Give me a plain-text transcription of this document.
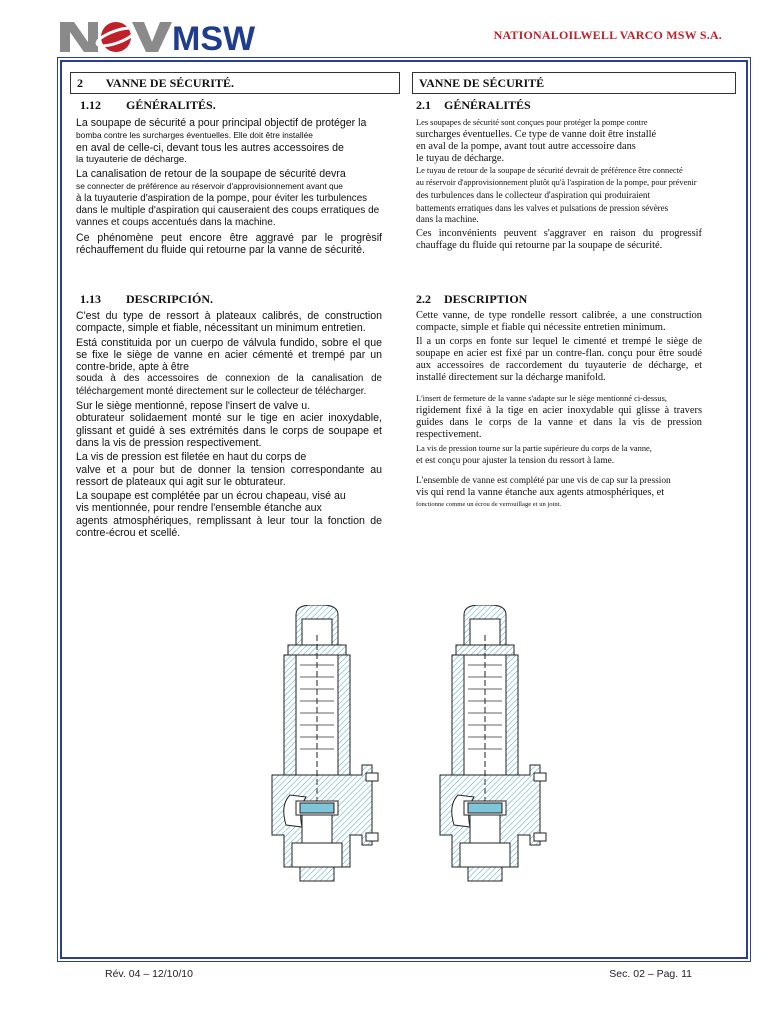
MSW	NATIONALOILWELL VARCO MSW S.A.
2 VANNE DE SÉCURITÉ.	VANNE DE SÉCURITÉ
1.12 GÉNÉRALITÉS.

La soupape de sécurité a pour principal objectif de protéger la

bomba contre les surcharges éventuelles. Elle doit être installée

en aval de celle-ci, devant tous les autres accessoires de

la tuyauterie de décharge.

La canalisation de retour de la soupape de sécurité devra

se connecter de préférence au réservoir d'approvisionnement avant que

à la tuyauterie d'aspiration de la pompe, pour éviter les turbulences

dans le multiple d'aspiration qui causeraient des coups erratiques de

vannes et coups accentués dans la machine.

Ce phénomène peut encore être aggravé par le progrèsif réchauffement du fluide qui retourne par la vanne de sécurité.

1.13 DESCRIPCIÓN.

C'est du type de ressort à plateaux calibrés, de construction compacte, simple et fiable, nécessitant un minimum entretien.

Está constituida por un cuerpo de válvula fundido, sobre el que se fixe le siège de vanne en acier cémenté et trempé par un contre-bride, apte à être

souda à des accessoires de connexion de la canalisation de téléchargement monté directement sur le collecteur de télécharger.

Sur le siège mentionné, repose l'insert de valve u.

obturateur solidaement monté sur le tige en acier inoxydable, glissant et guidé à ses extrémités dans le corps de soupape et dans la vis de pression respectivement.

La vis de pression est filetée en haut du corps de

valve et a pour but de donner la tension correspondante au ressort de plateaux qui agit sur le obturateur.

La soupape est complétée par un écrou chapeau, visé au

vis mentionnée, pour rendre l'ensemble étanche aux

agents atmosphériques, remplissant à leur tour la fonction de contre-écrou et scellé.

2.1 GÉNÉRALITÉS

Les soupapes de sécurité sont conçues pour protéger la pompe contre

surcharges éventuelles. Ce type de vanne doit être installé

en aval de la pompe, avant tout autre accessoire dans

le tuyau de décharge.

Le tuyau de retour de la soupape de sécurité devrait de préférence être connecté

au réservoir d'approvisionnement plutôt qu'à l'aspiration de la pompe, pour prévenir

des turbulences dans le collecteur d'aspiration qui produiraient

battements erratiques dans les valves et pulsations de pression sévères

dans la machine.

Ces inconvénients peuvent s'aggraver en raison du progressif chauffage du fluide qui retourne par la soupape de sécurité.

2.2 DESCRIPTION

Cette vanne, de type rondelle ressort calibrée, a une construction compacte, simple et fiable qui nécessite entretien minimum.

Il a un corps en fonte sur lequel le cimenté et trempé le siège de soupape en acier est fixé par un contre-flan. conçu pour être soudé aux accessoires de raccordement du tuyauterie de décharge, et installé directement sur la décharge manifold.

L'insert de fermeture de la vanne s'adapte sur le siège mentionné ci-dessus,

rigidement fixé à la tige en acier inoxydable qui glisse à travers guides dans le corps de la vanne et dans la vis de pression respectivement.

La vis de pression tourne sur la partie supérieure du corps de la vanne,

et est conçu pour ajuster la tension du ressort à lame.

L'ensemble de vanne est complété par une vis de cap sur la pression

vis qui rend la vanne étanche aux agents atmosphériques, et

fonctionne comme un écrou de verrouillage et un joint.

Rév. 04 – 12/10/10	Sec. 02 – Pag. 11
